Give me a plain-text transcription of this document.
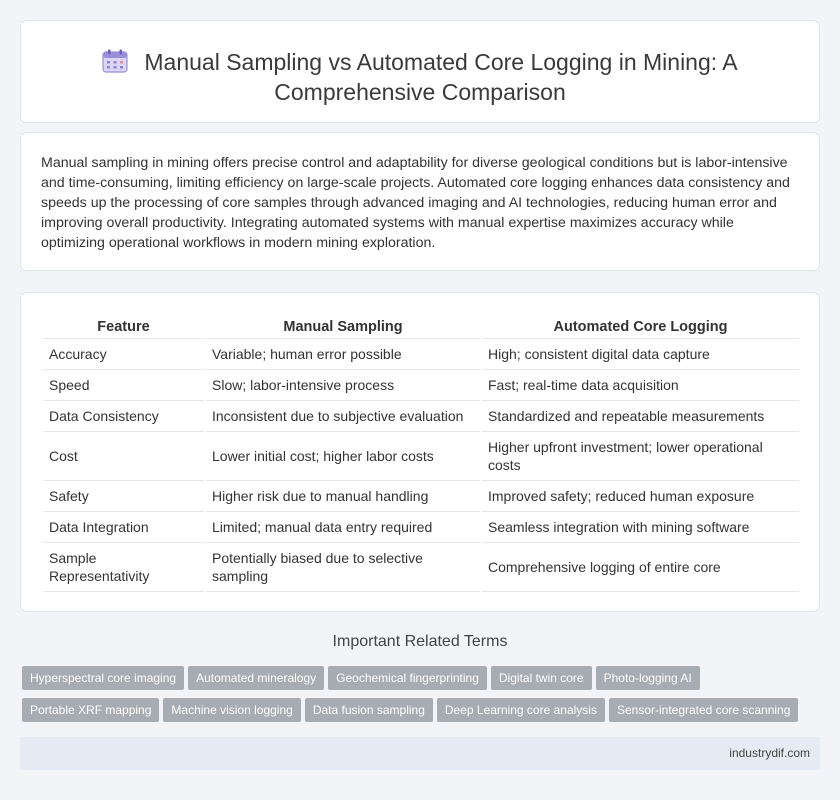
Manual Sampling vs Automated Core Logging in Mining: A Comprehensive Comparison

Manual sampling in mining offers precise control and adaptability for diverse geological conditions but is labor-intensive and time-consuming, limiting efficiency on large-scale projects. Automated core logging enhances data consistency and speeds up the processing of core samples through advanced imaging and AI technologies, reducing human error and improving overall productivity. Integrating automated systems with manual expertise maximizes accuracy while optimizing operational workflows in modern mining exploration.

Feature	Manual Sampling	Automated Core Logging
Accuracy	Variable; human error possible	High; consistent digital data capture
Speed	Slow; labor-intensive process	Fast; real-time data acquisition
Data Consistency	Inconsistent due to subjective evaluation	Standardized and repeatable measurements
Cost	Lower initial cost; higher labor costs	Higher upfront investment; lower operational costs
Safety	Higher risk due to manual handling	Improved safety; reduced human exposure
Data Integration	Limited; manual data entry required	Seamless integration with mining software
Sample Representativity	Potentially biased due to selective sampling	Comprehensive logging of entire core
Important Related Terms
Hyperspectral core imaging Automated mineralogy Geochemical fingerprinting Digital twin core Photo-logging AI
Portable XRF mapping Machine vision logging Data fusion sampling Deep Learning core analysis Sensor-integrated core scanning
industrydif.com
